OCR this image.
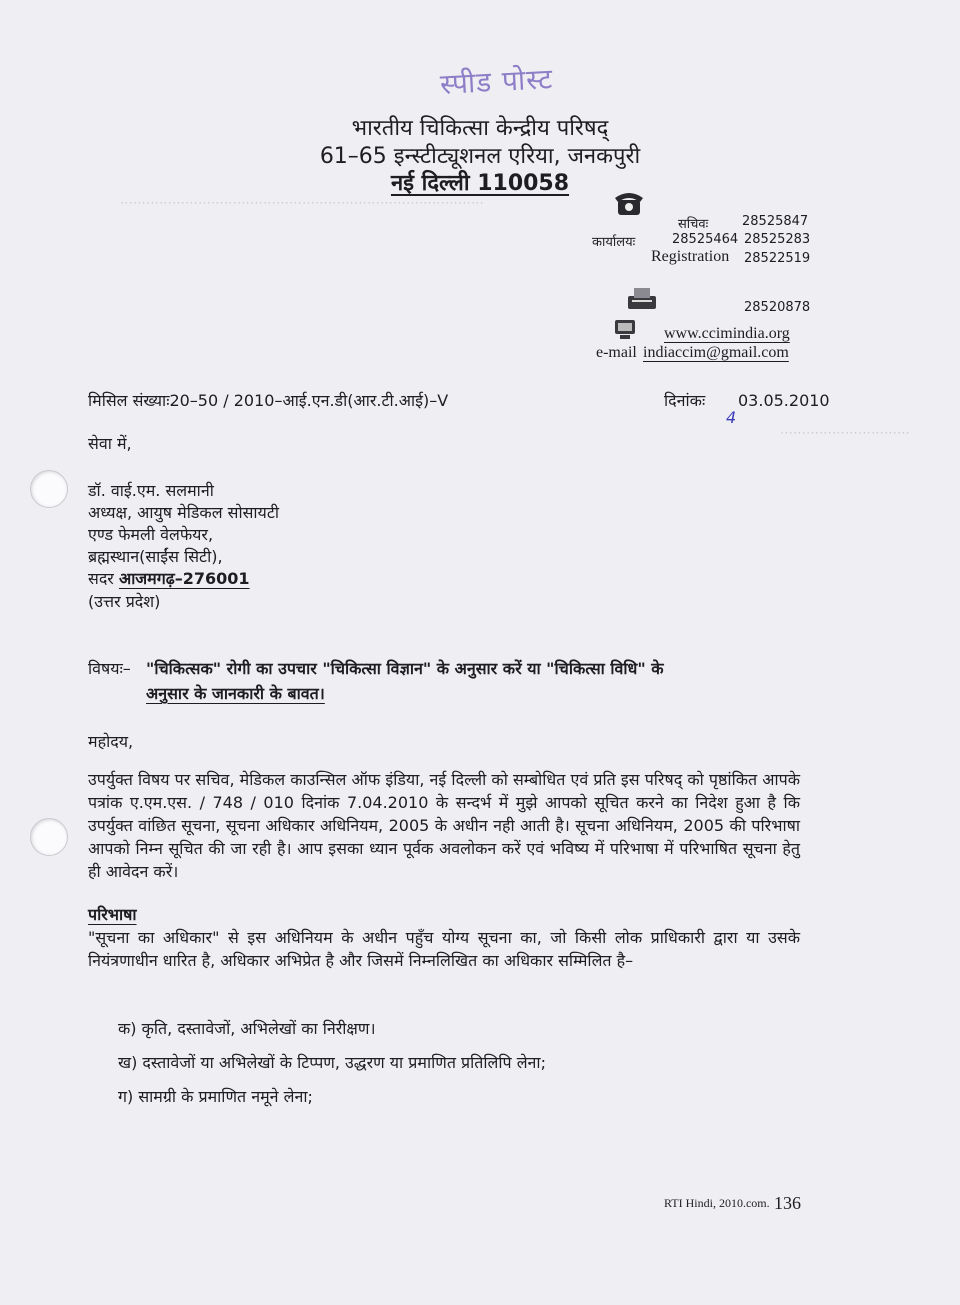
स्पीड पोस्ट
भारतीय चिकित्सा केन्द्रीय परिषद्
61–65 इन्स्टीट्यूशनल एरिया, जनकपुरी
नई दिल्ली 110058
सचिवः	28525847
कार्यालयः	28525464 28525283
Registration 28522519
28520878
www.ccimindia.org
e-mail indiaccim@gmail.com
मिसिल संख्याः20–50 / 2010–आई.एन.डी(आर.टी.आई)–V	दिनांकः 03.05.2010
4
⋯⋯⋯⋯⋯⋯⋯⋯⋯⋯⋯⋯⋯⋯⋯⋯⋯⋯⋯⋯⋯⋯⋯⋯⋯⋯⋯⋯
⋯⋯⋯⋯⋯⋯⋯⋯⋯⋯
सेवा में,
डॉ. वाई.एम. सलमानी
अध्यक्ष, आयुष मेडिकल सोसायटी
एण्ड फेमली वेलफेयर,
ब्रह्मस्थान(साईंस सिटी),
सदर आजमगढ़–276001
(उत्तर प्रदेश)
विषयः– "चिकित्सक" रोगी का उपचार "चिकित्सा विज्ञान" के अनुसार करें या "चिकित्सा विधि" के
अनुसार के जानकारी के बावत।
महोदय,
उपर्युक्त विषय पर सचिव, मेडिकल काउन्सिल ऑफ इंडिया, नई दिल्ली को सम्बोधित एवं प्रति इस परिषद् को पृष्ठांकित आपके पत्रांक ए.एम.एस. / 748 / 010 दिनांक 7.04.2010 के सन्दर्भ में मुझे आपको सूचित करने का निदेश हुआ है कि उपर्युक्त वांछित सूचना, सूचना अधिकार अधिनियम, 2005 के अधीन नही आती है। सूचना अधिनियम, 2005 की परिभाषा आपको निम्न सूचित की जा रही है। आप इसका ध्यान पूर्वक अवलोकन करें एवं भविष्य में परिभाषा में परिभाषित सूचना हेतु ही आवेदन करें।
परिभाषा
"सूचना का अधिकार" से इस अधिनियम के अधीन पहुँच योग्य सूचना का, जो किसी लोक प्राधिकारी द्वारा या उसके नियंत्रणाधीन धारित है, अधिकार अभिप्रेत है और जिसमें निम्नलिखित का अधिकार सम्मिलित है–
क) कृति, दस्तावेजों, अभिलेखों का निरीक्षण।
ख) दस्तावेजों या अभिलेखों के टिप्पण, उद्धरण या प्रमाणित प्रतिलिपि लेना;
ग) सामग्री के प्रमाणित नमूने लेना;
RTI Hindi, 2010.com. 136
